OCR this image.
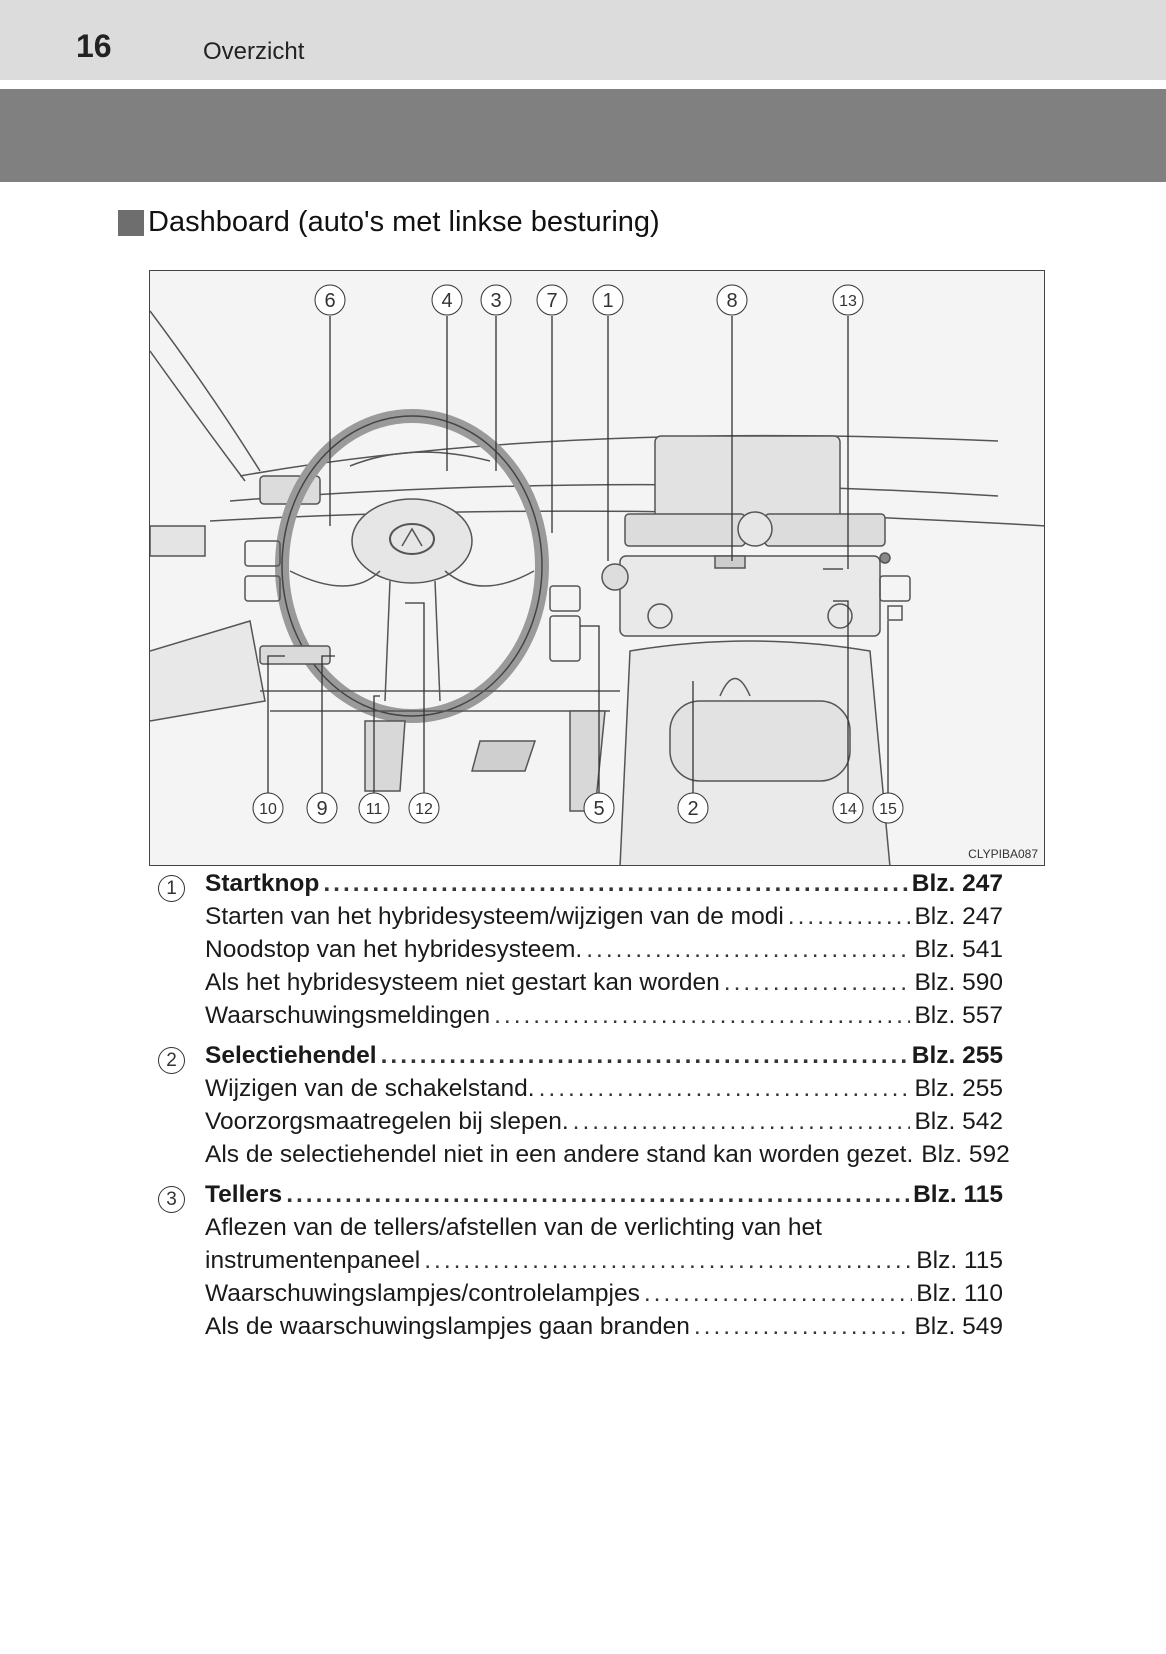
16	Overzicht
Dashboard (auto's met linkse besturing)
6	4 3 7 1	8	13
10 9 11 12	5	2	14 15
CLYPIBA087
1	Startknop .....	Blz. 247
Starten van het hybridesysteem/wijzigen van de modi .....	Blz. 247
Noodstop van het hybridesysteem. .....	Blz. 541
Als het hybridesysteem niet gestart kan worden .....	Blz. 590
Waarschuwingsmeldingen .....	Blz. 557
2	Selectiehendel .....	Blz. 255
Wijzigen van de schakelstand. .....	Blz. 255
Voorzorgsmaatregelen bij slepen. .....	Blz. 542
Als de selectiehendel niet in een andere stand kan worden gezet. Blz. 592
3	Tellers .....	Blz. 115
Aflezen van de tellers/afstellen van de verlichting van het
instrumentenpaneel .....	Blz. 115
Waarschuwingslampjes/controlelampjes .....	Blz. 110
Als de waarschuwingslampjes gaan branden .....	Blz. 549
